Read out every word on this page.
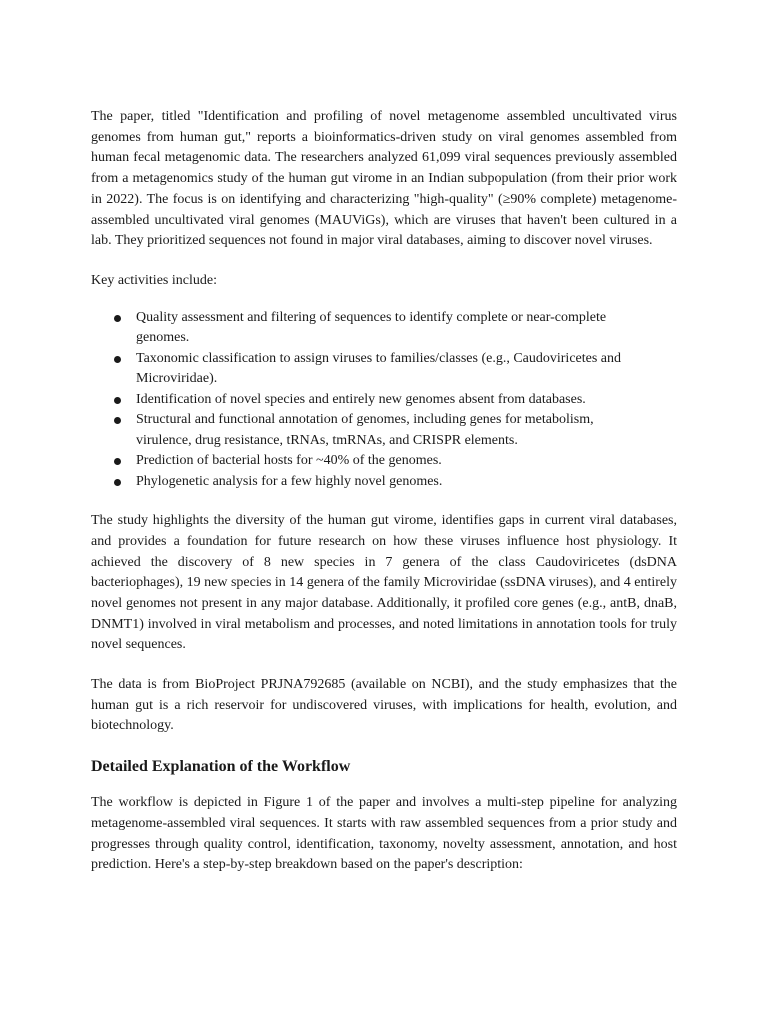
The paper, titled "Identification and profiling of novel metagenome assembled uncultivated virus genomes from human gut," reports a bioinformatics-driven study on viral genomes assembled from human fecal metagenomic data. The researchers analyzed 61,099 viral sequences previously assembled from a metagenomics study of the human gut virome in an Indian subpopulation (from their prior work in 2022). The focus is on identifying and characterizing "high-quality" (≥90% complete) metagenome-assembled uncultivated viral genomes (MAUViGs), which are viruses that haven't been cultured in a lab. They prioritized sequences not found in major viral databases, aiming to discover novel viruses.

Key activities include:

Quality assessment and filtering of sequences to identify complete or near-complete genomes.
Taxonomic classification to assign viruses to families/classes (e.g., Caudoviricetes and Microviridae).
Identification of novel species and entirely new genomes absent from databases.
Structural and functional annotation of genomes, including genes for metabolism, virulence, drug resistance, tRNAs, tmRNAs, and CRISPR elements.
Prediction of bacterial hosts for ~40% of the genomes.
Phylogenetic analysis for a few highly novel genomes.

The study highlights the diversity of the human gut virome, identifies gaps in current viral databases, and provides a foundation for future research on how these viruses influence host physiology. It achieved the discovery of 8 new species in 7 genera of the class Caudoviricetes (dsDNA bacteriophages), 19 new species in 14 genera of the family Microviridae (ssDNA viruses), and 4 entirely novel genomes not present in any major database. Additionally, it profiled core genes (e.g., antB, dnaB, DNMT1) involved in viral metabolism and processes, and noted limitations in annotation tools for truly novel sequences.

The data is from BioProject PRJNA792685 (available on NCBI), and the study emphasizes that the human gut is a rich reservoir for undiscovered viruses, with implications for health, evolution, and biotechnology.

Detailed Explanation of the Workflow

The workflow is depicted in Figure 1 of the paper and involves a multi-step pipeline for analyzing metagenome-assembled viral sequences. It starts with raw assembled sequences from a prior study and progresses through quality control, identification, taxonomy, novelty assessment, annotation, and host prediction. Here's a step-by-step breakdown based on the paper's description:
